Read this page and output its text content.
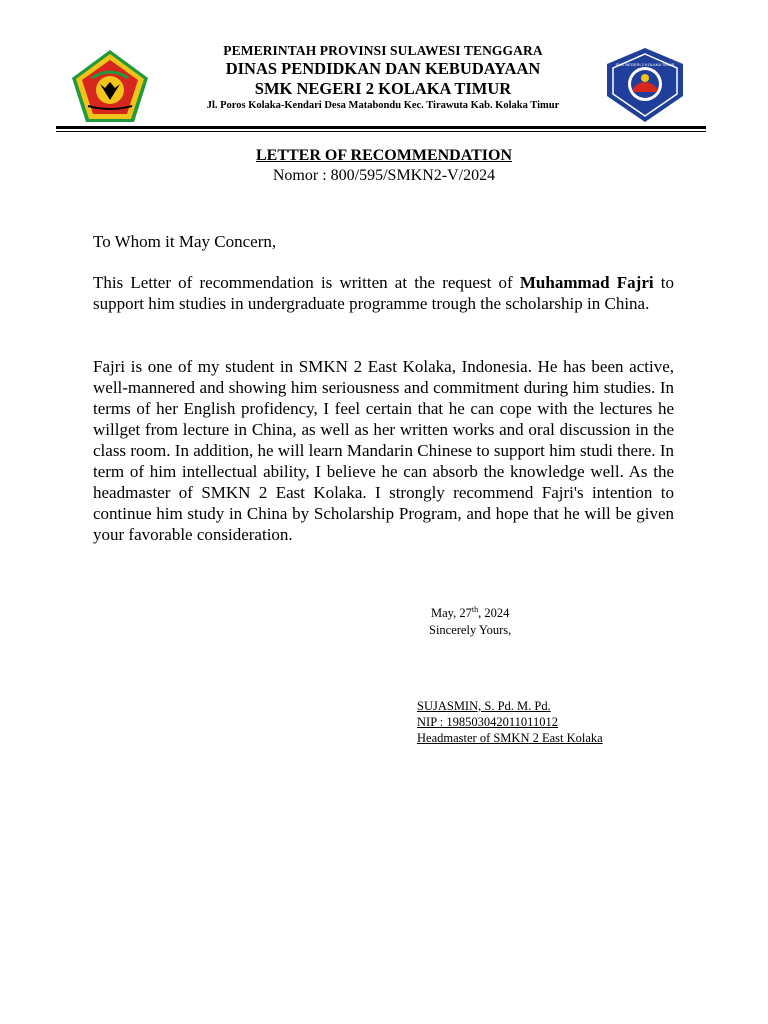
PEMERINTAH PROVINSI SULAWESI TENGGARA
DINAS PENDIDKAN DAN KEBUDAYAAN
SMK NEGERI 2 KOLAKA TIMUR
Jl. Poros Kolaka-Kendari Desa Matabondu Kec. Tirawuta Kab. Kolaka Timur
SMK NEGERI 2 KOLAKA TIMUR
LETTER OF RECOMMENDATION
Nomor : 800/595/SMKN2-V/2024
To Whom it May Concern,

This Letter of recommendation is written at the request of Muhammad Fajri to support him studies in undergraduate programme trough the scholarship in China.

Fajri is one of my student in SMKN 2 East Kolaka, Indonesia. He has been active, well-mannered and showing him seriousness and commitment during him studies. In terms of her English profidency, I feel certain that he can cope with the lectures he willget from lecture in China, as well as her written works and oral discussion in the class room. In addition, he will learn Mandarin Chinese to support him studi there. In term of him intellectual ability, I believe he can absorb the knowledge well. As the headmaster of SMKN 2 East Kolaka. I strongly recommend Fajri's intention to continue him study in China by Scholarship Program, and hope that he will be given your favorable consideration.

May, 27th, 2024
Sincerely Yours,
SUJASMIN, S. Pd. M. Pd.
NIP : 198503042011011012
Headmaster of SMKN 2 East Kolaka
